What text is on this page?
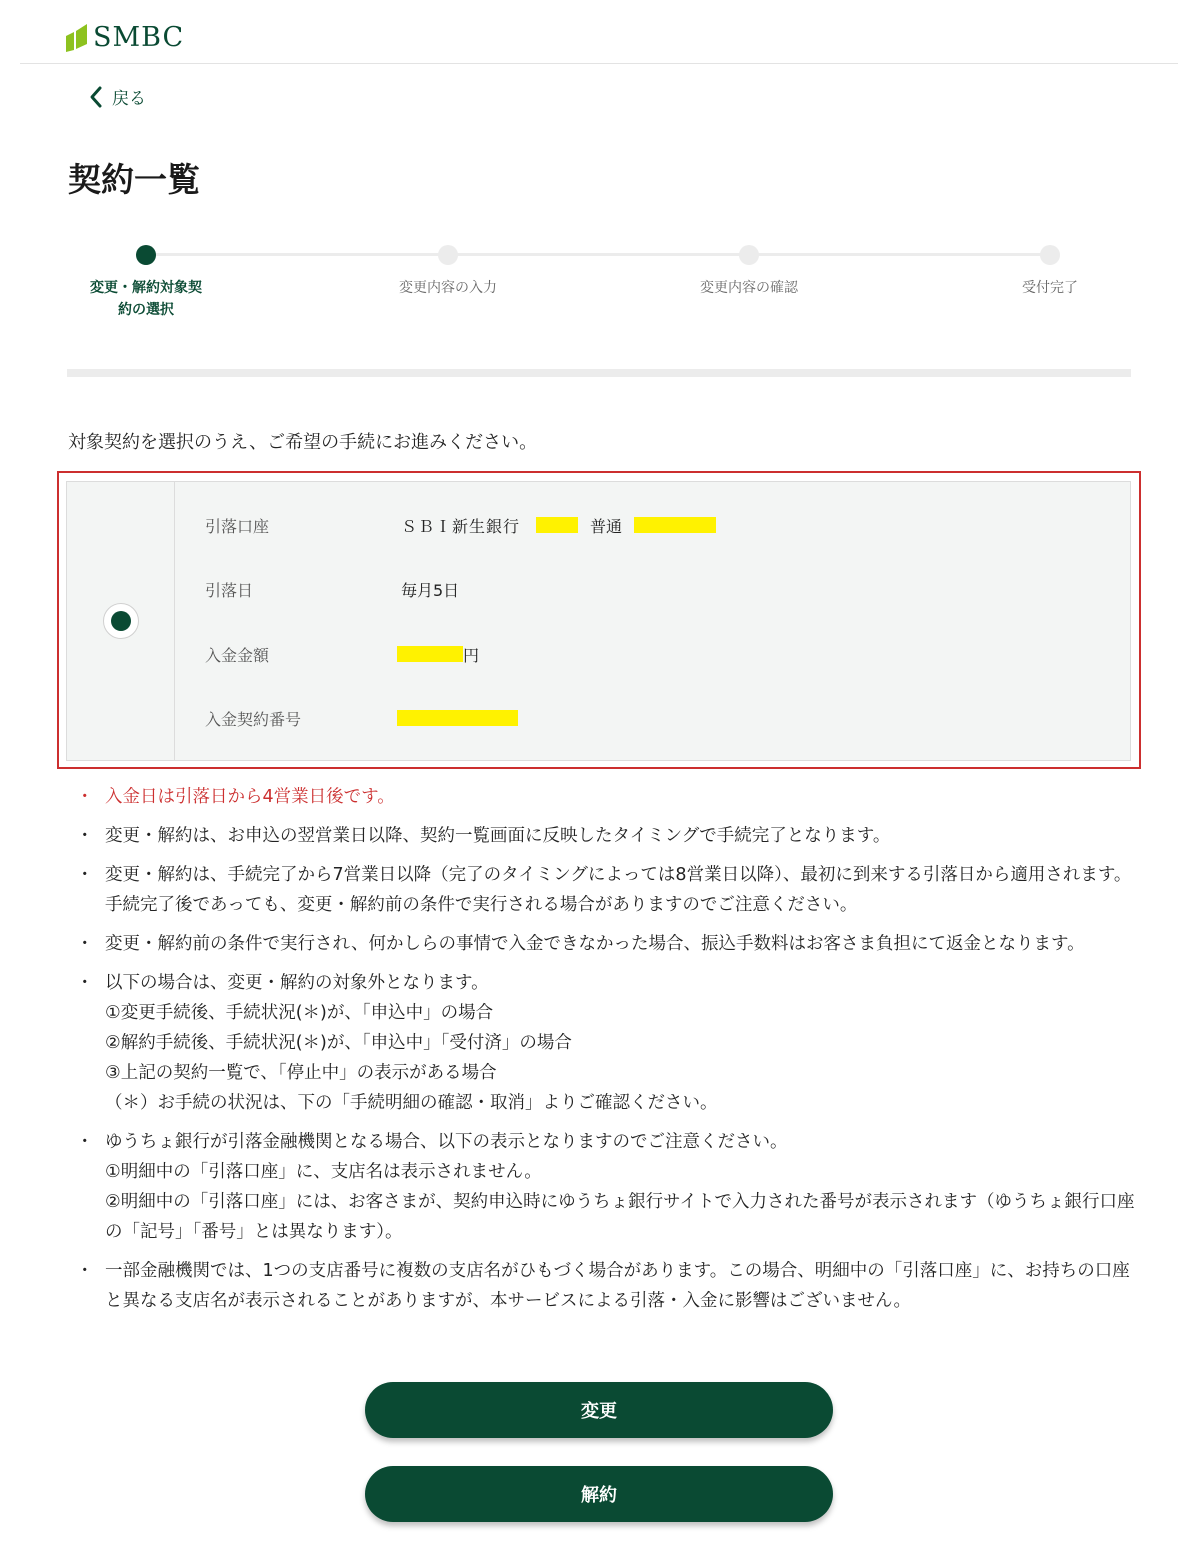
SMBC
戻る
契約一覧
変更・解約対象契
約の選択
変更内容の入力	変更内容の確認	受付完了

対象契約を選択のうえ、ご希望の手続にお進みください。

引落口座	ＳＢＩ新生銀行	普通
引落日	毎月5日
入金金額	円
入金契約番号
・ 入金日は引落日から4営業日後です。
・ 変更・解約は、お申込の翌営業日以降、契約一覧画面に反映したタイミングで手続完了となります。
・ 変更・解約は、手続完了から7営業日以降（完了のタイミングによっては8営業日以降）、最初に到来する引落日から適用されます。手続完了後であっても、変更・解約前の条件で実行される場合がありますのでご注意ください。
・ 変更・解約前の条件で実行され、何かしらの事情で入金できなかった場合、振込手数料はお客さま負担にて返金となります。
・ 以下の場合は、変更・解約の対象外となります。
①変更手続後、手続状況(＊)が、「申込中」の場合
②解約手続後、手続状況(＊)が、「申込中」「受付済」の場合
③上記の契約一覧で、「停止中」の表示がある場合
（＊）お手続の状況は、下の「手続明細の確認・取消」よりご確認ください。
・ ゆうちょ銀行が引落金融機関となる場合、以下の表示となりますのでご注意ください。
①明細中の「引落口座」に、支店名は表示されません。
②明細中の「引落口座」には、お客さまが、契約申込時にゆうちょ銀行サイトで入力された番号が表示されます（ゆうちょ銀行口座の「記号」「番号」とは異なります）。
・ 一部金融機関では、1つの支店番号に複数の支店名がひもづく場合があります。この場合、明細中の「引落口座」に、お持ちの口座と異なる支店名が表示されることがありますが、本サービスによる引落・入金に影響はございません。
変更
解約
